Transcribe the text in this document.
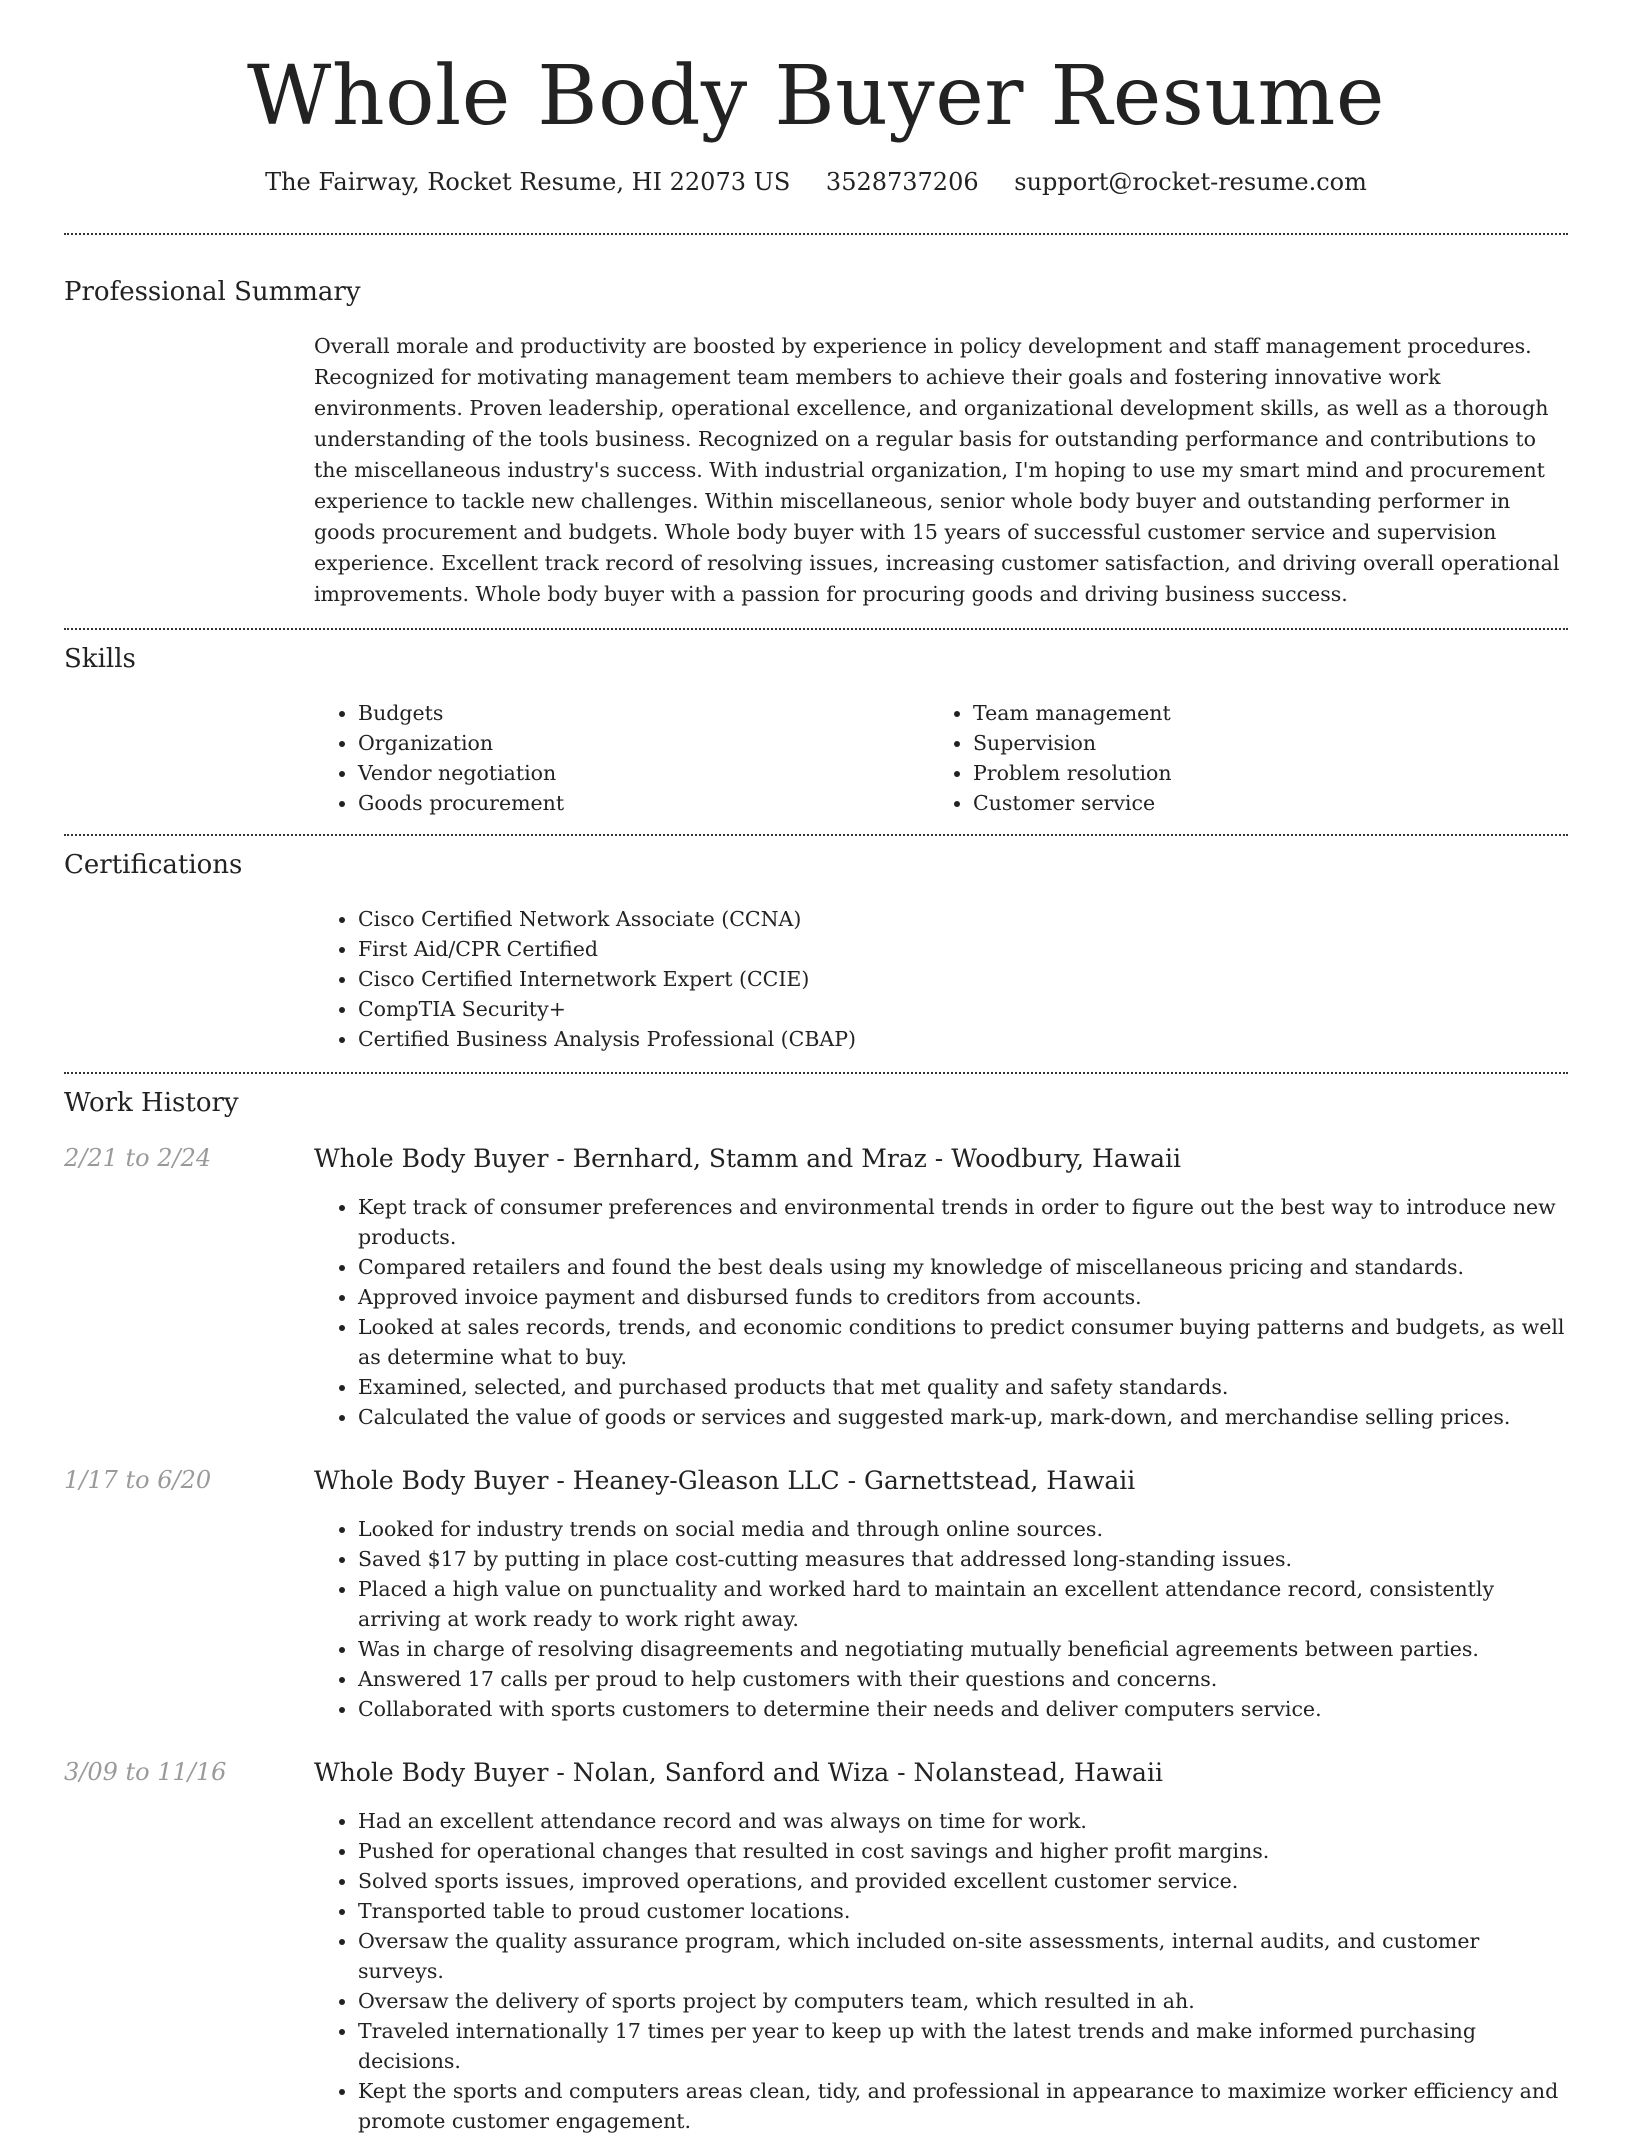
Whole Body Buyer Resume
The Fairway, Rocket Resume, HI 22073 US 3528737206 support@rocket-resume.com
Professional Summary
Overall morale and productivity are boosted by experience in policy development and staff management procedures. Recognized for motivating management team members to achieve their goals and fostering innovative work environments. Proven leadership, operational excellence, and organizational development skills, as well as a thorough understanding of the tools business. Recognized on a regular basis for outstanding performance and contributions to the miscellaneous industry's success. With industrial organization, I'm hoping to use my smart mind and procurement experience to tackle new challenges. Within miscellaneous, senior whole body buyer and outstanding performer in goods procurement and budgets. Whole body buyer with 15 years of successful customer service and supervision experience. Excellent track record of resolving issues, increasing customer satisfaction, and driving overall operational improvements. Whole body buyer with a passion for procuring goods and driving business success.
Skills
• Budgets
• Organization
• Vendor negotiation
• Goods procurement
• Team management
• Supervision
• Problem resolution
• Customer service
Certifications
• Cisco Certified Network Associate (CCNA)
• First Aid/CPR Certified
• Cisco Certified Internetwork Expert (CCIE)
• CompTIA Security+
• Certified Business Analysis Professional (CBAP)
Work History
2/21 to 2/24	Whole Body Buyer - Bernhard, Stamm and Mraz - Woodbury, Hawaii
• Kept track of consumer preferences and environmental trends in order to figure out the best way to introduce new products.
• Compared retailers and found the best deals using my knowledge of miscellaneous pricing and standards.
• Approved invoice payment and disbursed funds to creditors from accounts.
• Looked at sales records, trends, and economic conditions to predict consumer buying patterns and budgets, as well as determine what to buy.
• Examined, selected, and purchased products that met quality and safety standards.
• Calculated the value of goods or services and suggested mark-up, mark-down, and merchandise selling prices.
1/17 to 6/20	Whole Body Buyer - Heaney-Gleason LLC - Garnettstead, Hawaii
• Looked for industry trends on social media and through online sources.
• Saved $17 by putting in place cost-cutting measures that addressed long-standing issues.
• Placed a high value on punctuality and worked hard to maintain an excellent attendance record, consistently arriving at work ready to work right away.
• Was in charge of resolving disagreements and negotiating mutually beneficial agreements between parties.
• Answered 17 calls per proud to help customers with their questions and concerns.
• Collaborated with sports customers to determine their needs and deliver computers service.
3/09 to 11/16	Whole Body Buyer - Nolan, Sanford and Wiza - Nolanstead, Hawaii
• Had an excellent attendance record and was always on time for work.
• Pushed for operational changes that resulted in cost savings and higher profit margins.
• Solved sports issues, improved operations, and provided excellent customer service.
• Transported table to proud customer locations.
• Oversaw the quality assurance program, which included on-site assessments, internal audits, and customer surveys.
• Oversaw the delivery of sports project by computers team, which resulted in ah.
• Traveled internationally 17 times per year to keep up with the latest trends and make informed purchasing decisions.
• Kept the sports and computers areas clean, tidy, and professional in appearance to maximize worker efficiency and promote customer engagement.
